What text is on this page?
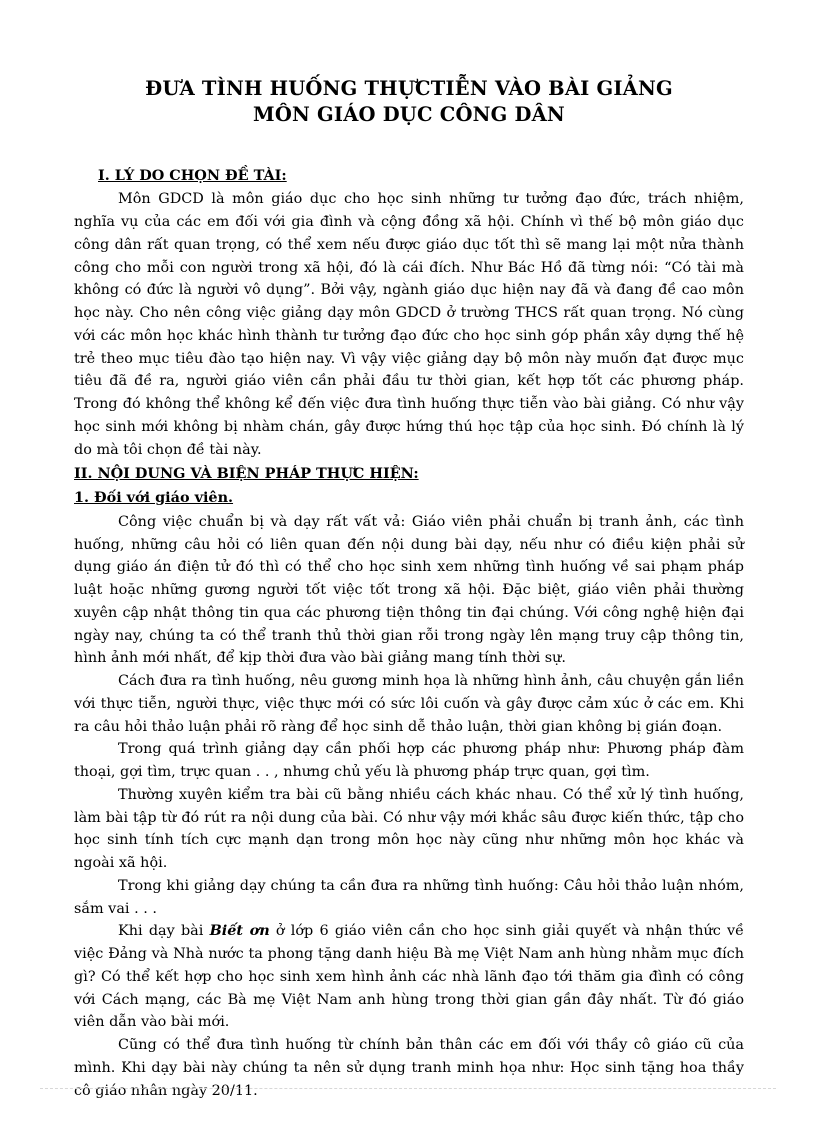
ĐƯA TÌNH HUỐNG THỰCTIỄN VÀO BÀI GIẢNG
MÔN GIÁO DỤC CÔNG DÂN
I. LÝ DO CHỌN ĐỀ TÀI:

Môn GDCD là môn giáo dục cho học sinh những tư tưởng đạo đức, trách nhiệm, nghĩa vụ của các em đối với gia đình và cộng đồng xã hội. Chính vì thế bộ môn giáo dục công dân rất quan trọng, có thể xem nếu được giáo dục tốt thì sẽ mang lại một nửa thành công cho mỗi con người trong xã hội, đó là cái đích. Như Bác Hồ đã từng nói: “Có tài mà không có đức là người vô dụng”. Bởi vậy, ngành giáo dục hiện nay đã và đang đề cao môn học này. Cho nên công việc giảng dạy môn GDCD ở trường THCS rất quan trọng. Nó cùng với các môn học khác hình thành tư tưởng đạo đức cho học sinh góp phần xây dựng thế hệ trẻ theo mục tiêu đào tạo hiện nay. Vì vậy việc giảng dạy bộ môn này muốn đạt được mục tiêu đã đề ra, người giáo viên cần phải đầu tư thời gian, kết hợp tốt các phương pháp. Trong đó không thể không kể đến việc đưa tình huống thực tiễn vào bài giảng. Có như vậy học sinh mới không bị nhàm chán, gây được hứng thú học tập của học sinh. Đó chính là lý do mà tôi chọn đề tài này.

II. NỘI DUNG VÀ BIỆN PHÁP THỰC HIỆN:
1. Đối với giáo viên.

Công việc chuẩn bị và dạy rất vất vả: Giáo viên phải chuẩn bị tranh ảnh, các tình huống, những câu hỏi có liên quan đến nội dung bài dạy, nếu như có điều kiện phải sử dụng giáo án điện tử đó thì có thể cho học sinh xem những tình huống về sai phạm pháp luật hoặc những gương người tốt việc tốt trong xã hội. Đặc biệt, giáo viên phải thường xuyên cập nhật thông tin qua các phương tiện thông tin đại chúng. Với công nghệ hiện đại ngày nay, chúng ta có thể tranh thủ thời gian rỗi trong ngày lên mạng truy cập thông tin, hình ảnh mới nhất, để kịp thời đưa vào bài giảng mang tính thời sự.

Cách đưa ra tình huống, nêu gương minh họa là những hình ảnh, câu chuyện gắn liền với thực tiễn, người thực, việc thực mới có sức lôi cuốn và gây được cảm xúc ở các em. Khi ra câu hỏi thảo luận phải rõ ràng để học sinh dễ thảo luận, thời gian không bị gián đoạn.

Trong quá trình giảng dạy cần phối hợp các phương pháp như: Phương pháp đàm thoại, gợi tìm, trực quan . . , nhưng chủ yếu là phương pháp trực quan, gợi tìm.

Thường xuyên kiểm tra bài cũ bằng nhiều cách khác nhau. Có thể xử lý tình huống, làm bài tập từ đó rút ra nội dung của bài. Có như vậy mới khắc sâu được kiến thức, tập cho học sinh tính tích cực mạnh dạn trong môn học này cũng như những môn học khác và ngoài xã hội.

Trong khi giảng dạy chúng ta cần đưa ra những tình huống: Câu hỏi thảo luận nhóm, sắm vai . . .

Khi dạy bài Biết ơn ở lớp 6 giáo viên cần cho học sinh giải quyết và nhận thức về việc Đảng và Nhà nước ta phong tặng danh hiệu Bà mẹ Việt Nam anh hùng nhằm mục đích gì? Có thể kết hợp cho học sinh xem hình ảnh các nhà lãnh đạo tới thăm gia đình có công với Cách mạng, các Bà mẹ Việt Nam anh hùng trong thời gian gần đây nhất. Từ đó giáo viên dẫn vào bài mới.

Cũng có thể đưa tình huống từ chính bản thân các em đối với thầy cô giáo cũ của mình. Khi dạy bài này chúng ta nên sử dụng tranh minh họa như: Học sinh tặng hoa thầy cô giáo nhân ngày 20/11.
